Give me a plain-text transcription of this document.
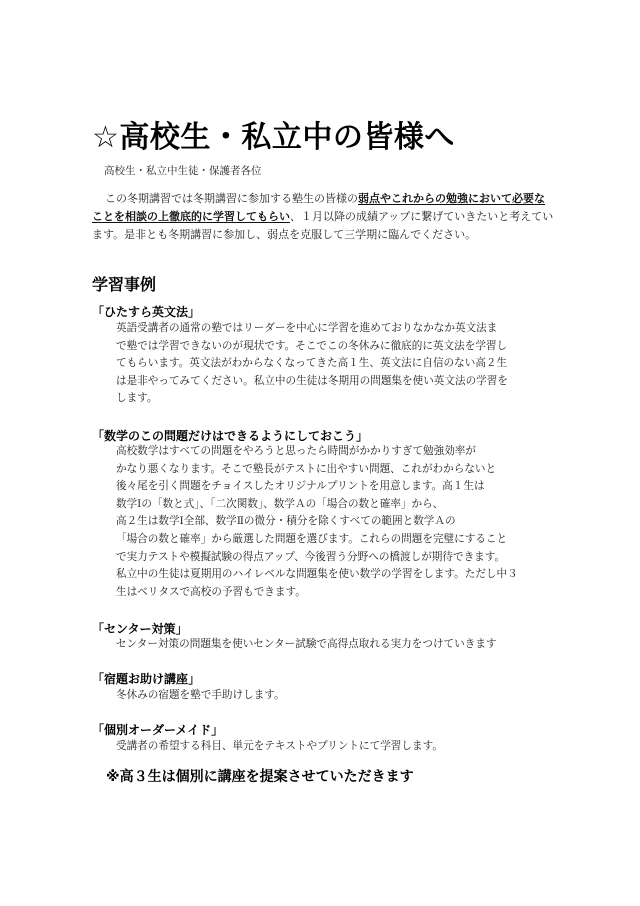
☆高校生・私立中の皆様へ

高校生・私立中生徒・保護者各位

この冬期講習では冬期講習に参加する塾生の皆様の弱点やこれからの勉強において必要なことを相談の上徹底的に学習してもらい、１月以降の成績アップに繋げていきたいと考えています。是非とも冬期講習に参加し、弱点を克服して三学期に臨んでください。

学習事例
「ひたすら英文法」
英語受講者の通常の塾ではリーダーを中心に学習を進めておりなかなか英文法ま
で塾では学習できないのが現状です。そこでこの冬休みに徹底的に英文法を学習し
てもらいます。英文法がわからなくなってきた高１生、英文法に自信のない高２生
は是非やってみてください。私立中の生徒は冬期用の問題集を使い英文法の学習を
します。
「数学のこの問題だけはできるようにしておこう」
高校数学はすべての問題をやろうと思ったら時間がかかりすぎて勉強効率が
かなり悪くなります。そこで塾長がテストに出やすい問題、これがわからないと
後々尾を引く問題をチョイスしたオリジナルプリントを用意します。高１生は
数学Ⅰの「数と式」、「二次関数」、数学Ａの「場合の数と確率」から、
高２生は数学Ⅰ全部、数学Ⅱの微分・積分を除くすべての範囲と数学Ａの
「場合の数と確率」から厳選した問題を選びます。これらの問題を完璧にすること
で実力テストや模擬試験の得点アップ、今後習う分野への橋渡しが期待できます。
私立中の生徒は夏期用のハイレベルな問題集を使い数学の学習をします。ただし中３
生はベリタスで高校の予習もできます。
「センター対策」
センター対策の問題集を使いセンター試験で高得点取れる実力をつけていきます
「宿題お助け講座」
冬休みの宿題を塾で手助けします。
「個別オーダーメイド」
受講者の希望する科目、単元をテキストやプリントにて学習します。

※高３生は個別に講座を提案させていただきます
